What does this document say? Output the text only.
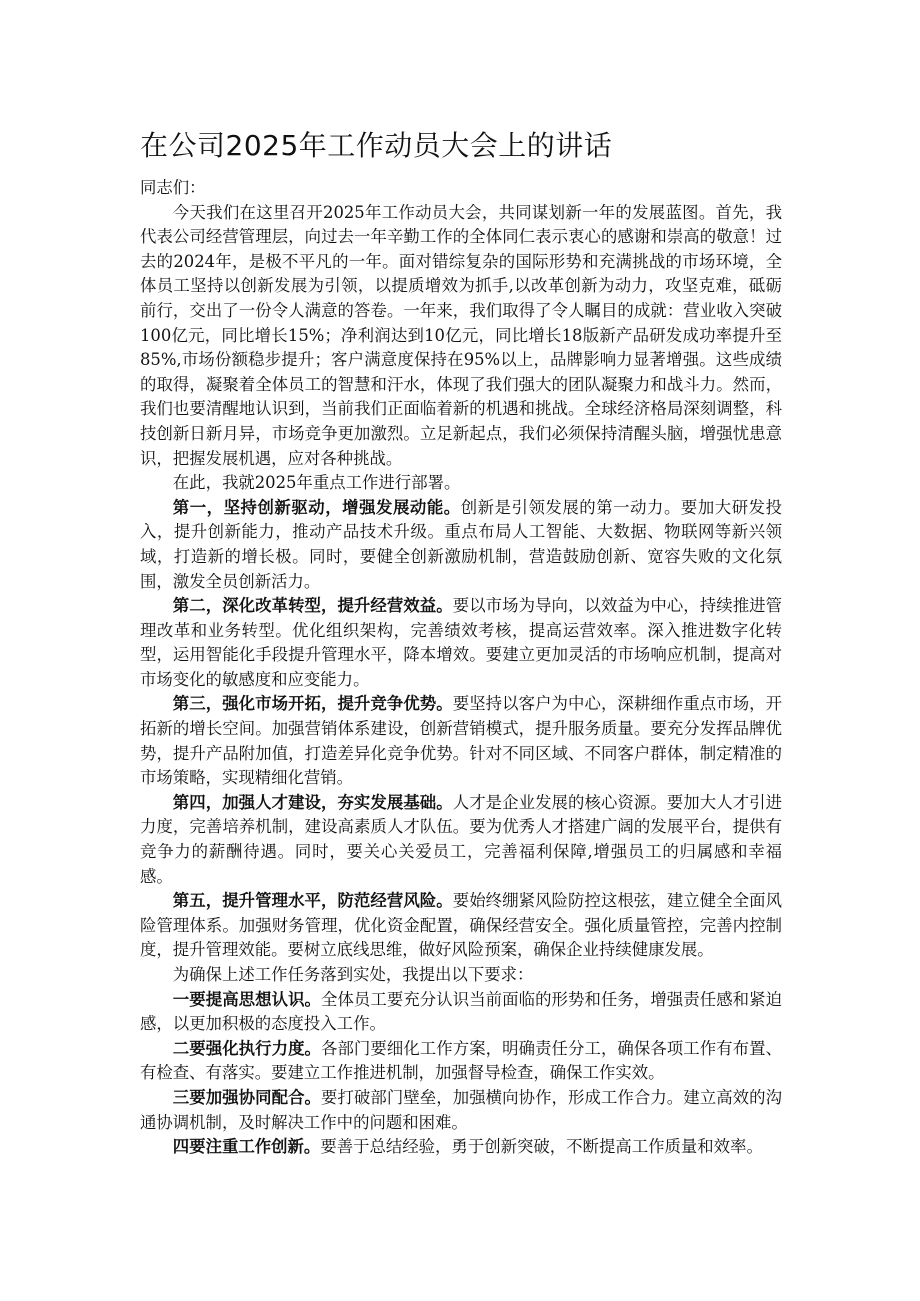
在公司2025年工作动员大会上的讲话

同志们：

今天我们在这里召开2025年工作动员大会，共同谋划新一年的发展蓝图。首先，我代表公司经营管理层，向过去一年辛勤工作的全体同仁表示衷心的感谢和崇高的敬意！过去的2024年，是极不平凡的一年。面对错综复杂的国际形势和充满挑战的市场环境，全体员工坚持以创新发展为引领，以提质增效为抓手,以改革创新为动力，攻坚克难，砥砺前行，交出了一份令人满意的答卷。一年来，我们取得了令人瞩目的成就：营业收入突破100亿元，同比增长15%；净利润达到10亿元，同比增长18版新产品研发成功率提升至85%,市场份额稳步提升；客户满意度保持在95%以上，品牌影响力显著增强。这些成绩的取得，凝聚着全体员工的智慧和汗水，体现了我们强大的团队凝聚力和战斗力。然而，我们也要清醒地认识到，当前我们正面临着新的机遇和挑战。全球经济格局深刻调整，科技创新日新月异，市场竞争更加激烈。立足新起点，我们必须保持清醒头脑，增强忧患意识，把握发展机遇，应对各种挑战。

在此，我就2025年重点工作进行部署。

第一，坚持创新驱动，增强发展动能。创新是引领发展的第一动力。要加大研发投入，提升创新能力，推动产品技术升级。重点布局人工智能、大数据、物联网等新兴领域，打造新的增长极。同时，要健全创新激励机制，营造鼓励创新、宽容失败的文化氛围，激发全员创新活力。

第二，深化改革转型，提升经营效益。要以市场为导向，以效益为中心，持续推进管理改革和业务转型。优化组织架构，完善绩效考核，提高运营效率。深入推进数字化转型，运用智能化手段提升管理水平，降本增效。要建立更加灵活的市场响应机制，提高对市场变化的敏感度和应变能力。

第三，强化市场开拓，提升竞争优势。要坚持以客户为中心，深耕细作重点市场，开拓新的增长空间。加强营销体系建设，创新营销模式，提升服务质量。要充分发挥品牌优势，提升产品附加值，打造差异化竞争优势。针对不同区域、不同客户群体，制定精准的市场策略，实现精细化营销。

第四，加强人才建设，夯实发展基础。人才是企业发展的核心资源。要加大人才引进力度，完善培养机制，建设高素质人才队伍。要为优秀人才搭建广阔的发展平台，提供有竞争力的薪酬待遇。同时，要关心关爱员工，完善福利保障,增强员工的归属感和幸福感。

第五，提升管理水平，防范经营风险。要始终绷紧风险防控这根弦，建立健全全面风险管理体系。加强财务管理，优化资金配置，确保经营安全。强化质量管控，完善内控制度，提升管理效能。要树立底线思维，做好风险预案，确保企业持续健康发展。

为确保上述工作任务落到实处，我提出以下要求：

一要提高思想认识。全体员工要充分认识当前面临的形势和任务，增强责任感和紧迫感，以更加积极的态度投入工作。

二要强化执行力度。各部门要细化工作方案，明确责任分工，确保各项工作有布置、有检查、有落实。要建立工作推进机制，加强督导检查，确保工作实效。

三要加强协同配合。要打破部门壁垒，加强横向协作，形成工作合力。建立高效的沟通协调机制，及时解决工作中的问题和困难。

四要注重工作创新。要善于总结经验，勇于创新突破，不断提高工作质量和效率。
